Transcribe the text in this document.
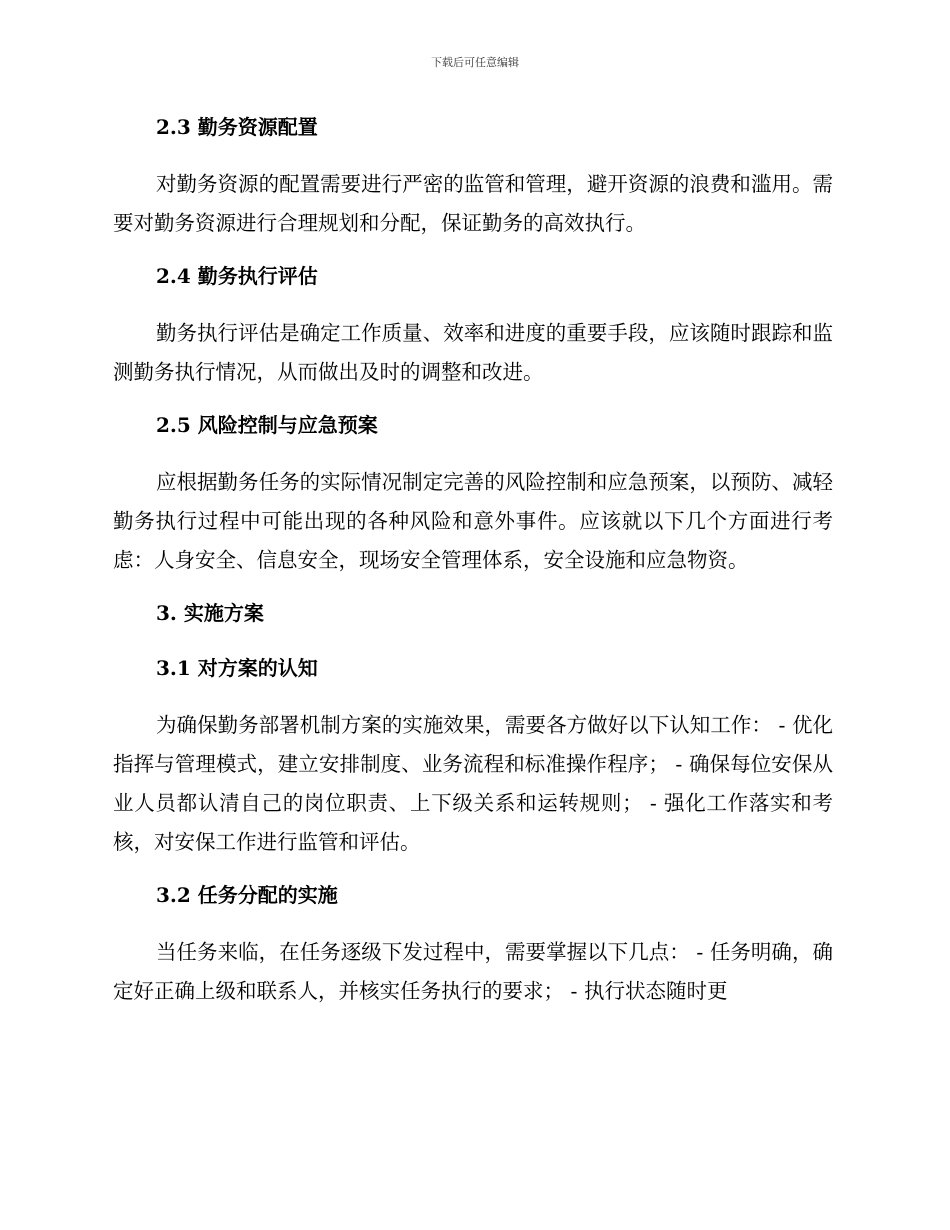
下载后可任意编辑
2.3 勤务资源配置

对勤务资源的配置需要进行严密的监管和管理，避开资源的浪费和滥用。需要对勤务资源进行合理规划和分配，保证勤务的高效执行。

2.4 勤务执行评估

勤务执行评估是确定工作质量、效率和进度的重要手段，应该随时跟踪和监测勤务执行情况，从而做出及时的调整和改进。

2.5 风险控制与应急预案

应根据勤务任务的实际情况制定完善的风险控制和应急预案，以预防、减轻勤务执行过程中可能出现的各种风险和意外事件。应该就以下几个方面进行考虑：人身安全、信息安全，现场安全管理体系，安全设施和应急物资。

3. 实施方案
3.1 对方案的认知

为确保勤务部署机制方案的实施效果，需要各方做好以下认知工作： - 优化指挥与管理模式，建立安排制度、业务流程和标准操作程序； - 确保每位安保从业人员都认清自己的岗位职责、上下级关系和运转规则； - 强化工作落实和考核，对安保工作进行监管和评估。

3.2 任务分配的实施

当任务来临，在任务逐级下发过程中，需要掌握以下几点： - 任务明确，确定好正确上级和联系人，并核实任务执行的要求； - 执行状态随时更
